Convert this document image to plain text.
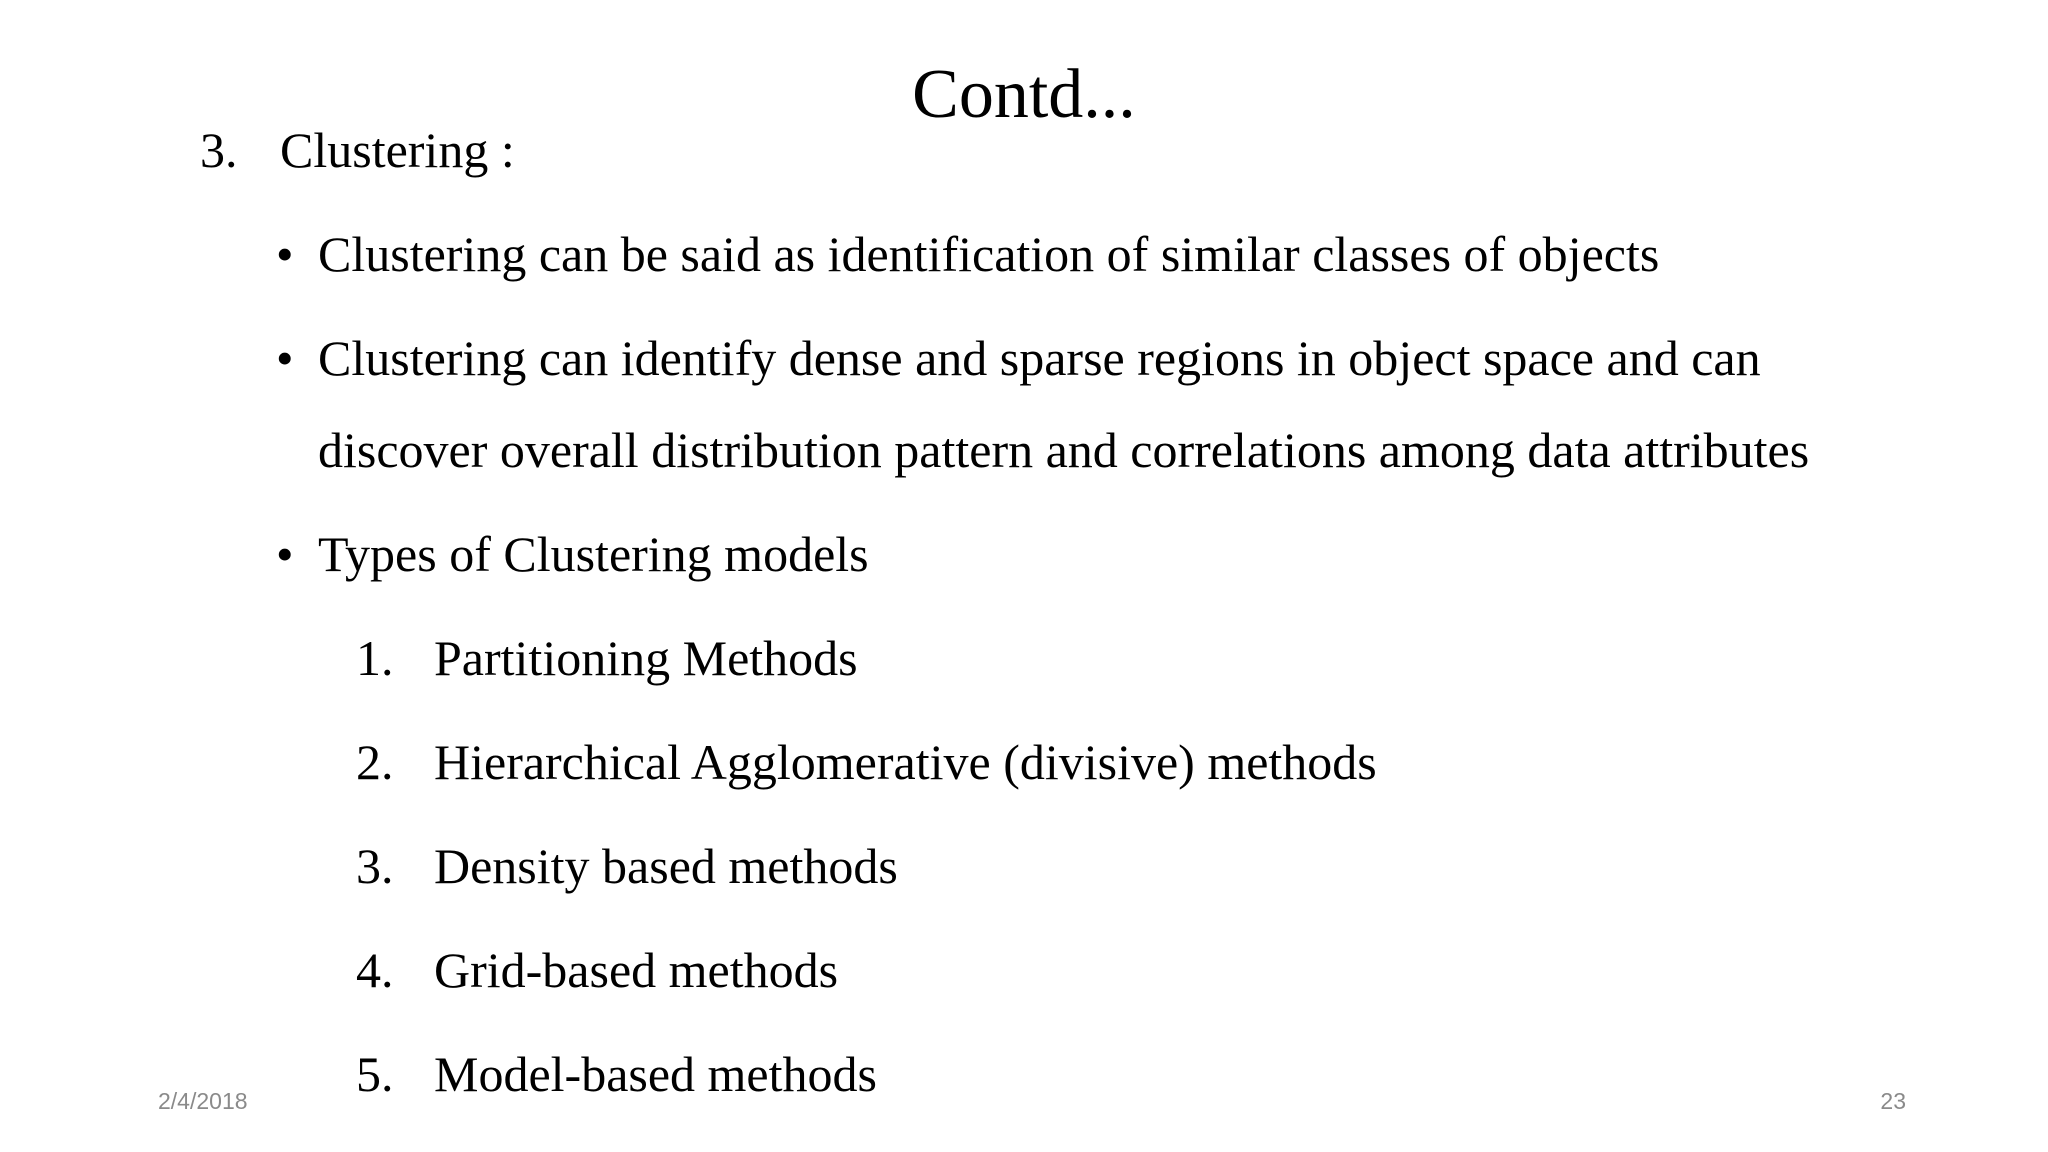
Contd...
3. Clustering :
• Clustering can be said as identification of similar classes of objects
• Clustering can identify dense and sparse regions in object space and can
discover overall distribution pattern and correlations among data attributes
• Types of Clustering models
1. Partitioning Methods
2. Hierarchical Agglomerative (divisive) methods
3. Density based methods
4. Grid-based methods
5. Model-based methods
2/4/2018	23
